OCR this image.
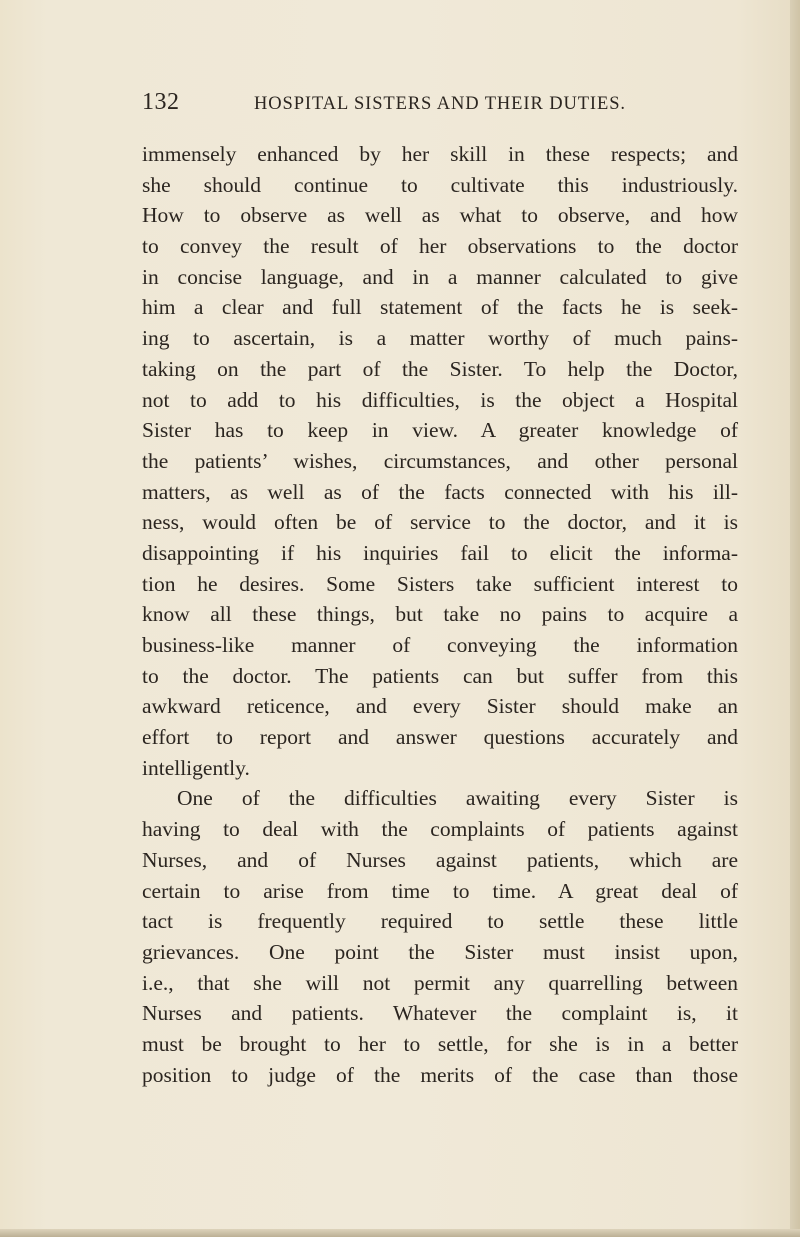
132	HOSPITAL SISTERS AND THEIR DUTIES.
immensely enhanced by her skill in these respects; and
she should continue to cultivate this industriously.
How to observe as well as what to observe, and how
to convey the result of her observations to the doctor
in concise language, and in a manner calculated to give
him a clear and full statement of the facts he is seek-
ing to ascertain, is a matter worthy of much pains-
taking on the part of the Sister. To help the Doctor,
not to add to his difficulties, is the object a Hospital
Sister has to keep in view. A greater knowledge of
the patients’ wishes, circumstances, and other personal
matters, as well as of the facts connected with his ill-
ness, would often be of service to the doctor, and it is
disappointing if his inquiries fail to elicit the informa-
tion he desires. Some Sisters take sufficient interest to
know all these things, but take no pains to acquire a
business-like manner of conveying the information
to the doctor. The patients can but suffer from this
awkward reticence, and every Sister should make an
effort to report and answer questions accurately and
intelligently.
One of the difficulties awaiting every Sister is
having to deal with the complaints of patients against
Nurses, and of Nurses against patients, which are
certain to arise from time to time. A great deal of
tact is frequently required to settle these little
grievances. One point the Sister must insist upon,
i.e., that she will not permit any quarrelling between
Nurses and patients. Whatever the complaint is, it
must be brought to her to settle, for she is in a better
position to judge of the merits of the case than those
